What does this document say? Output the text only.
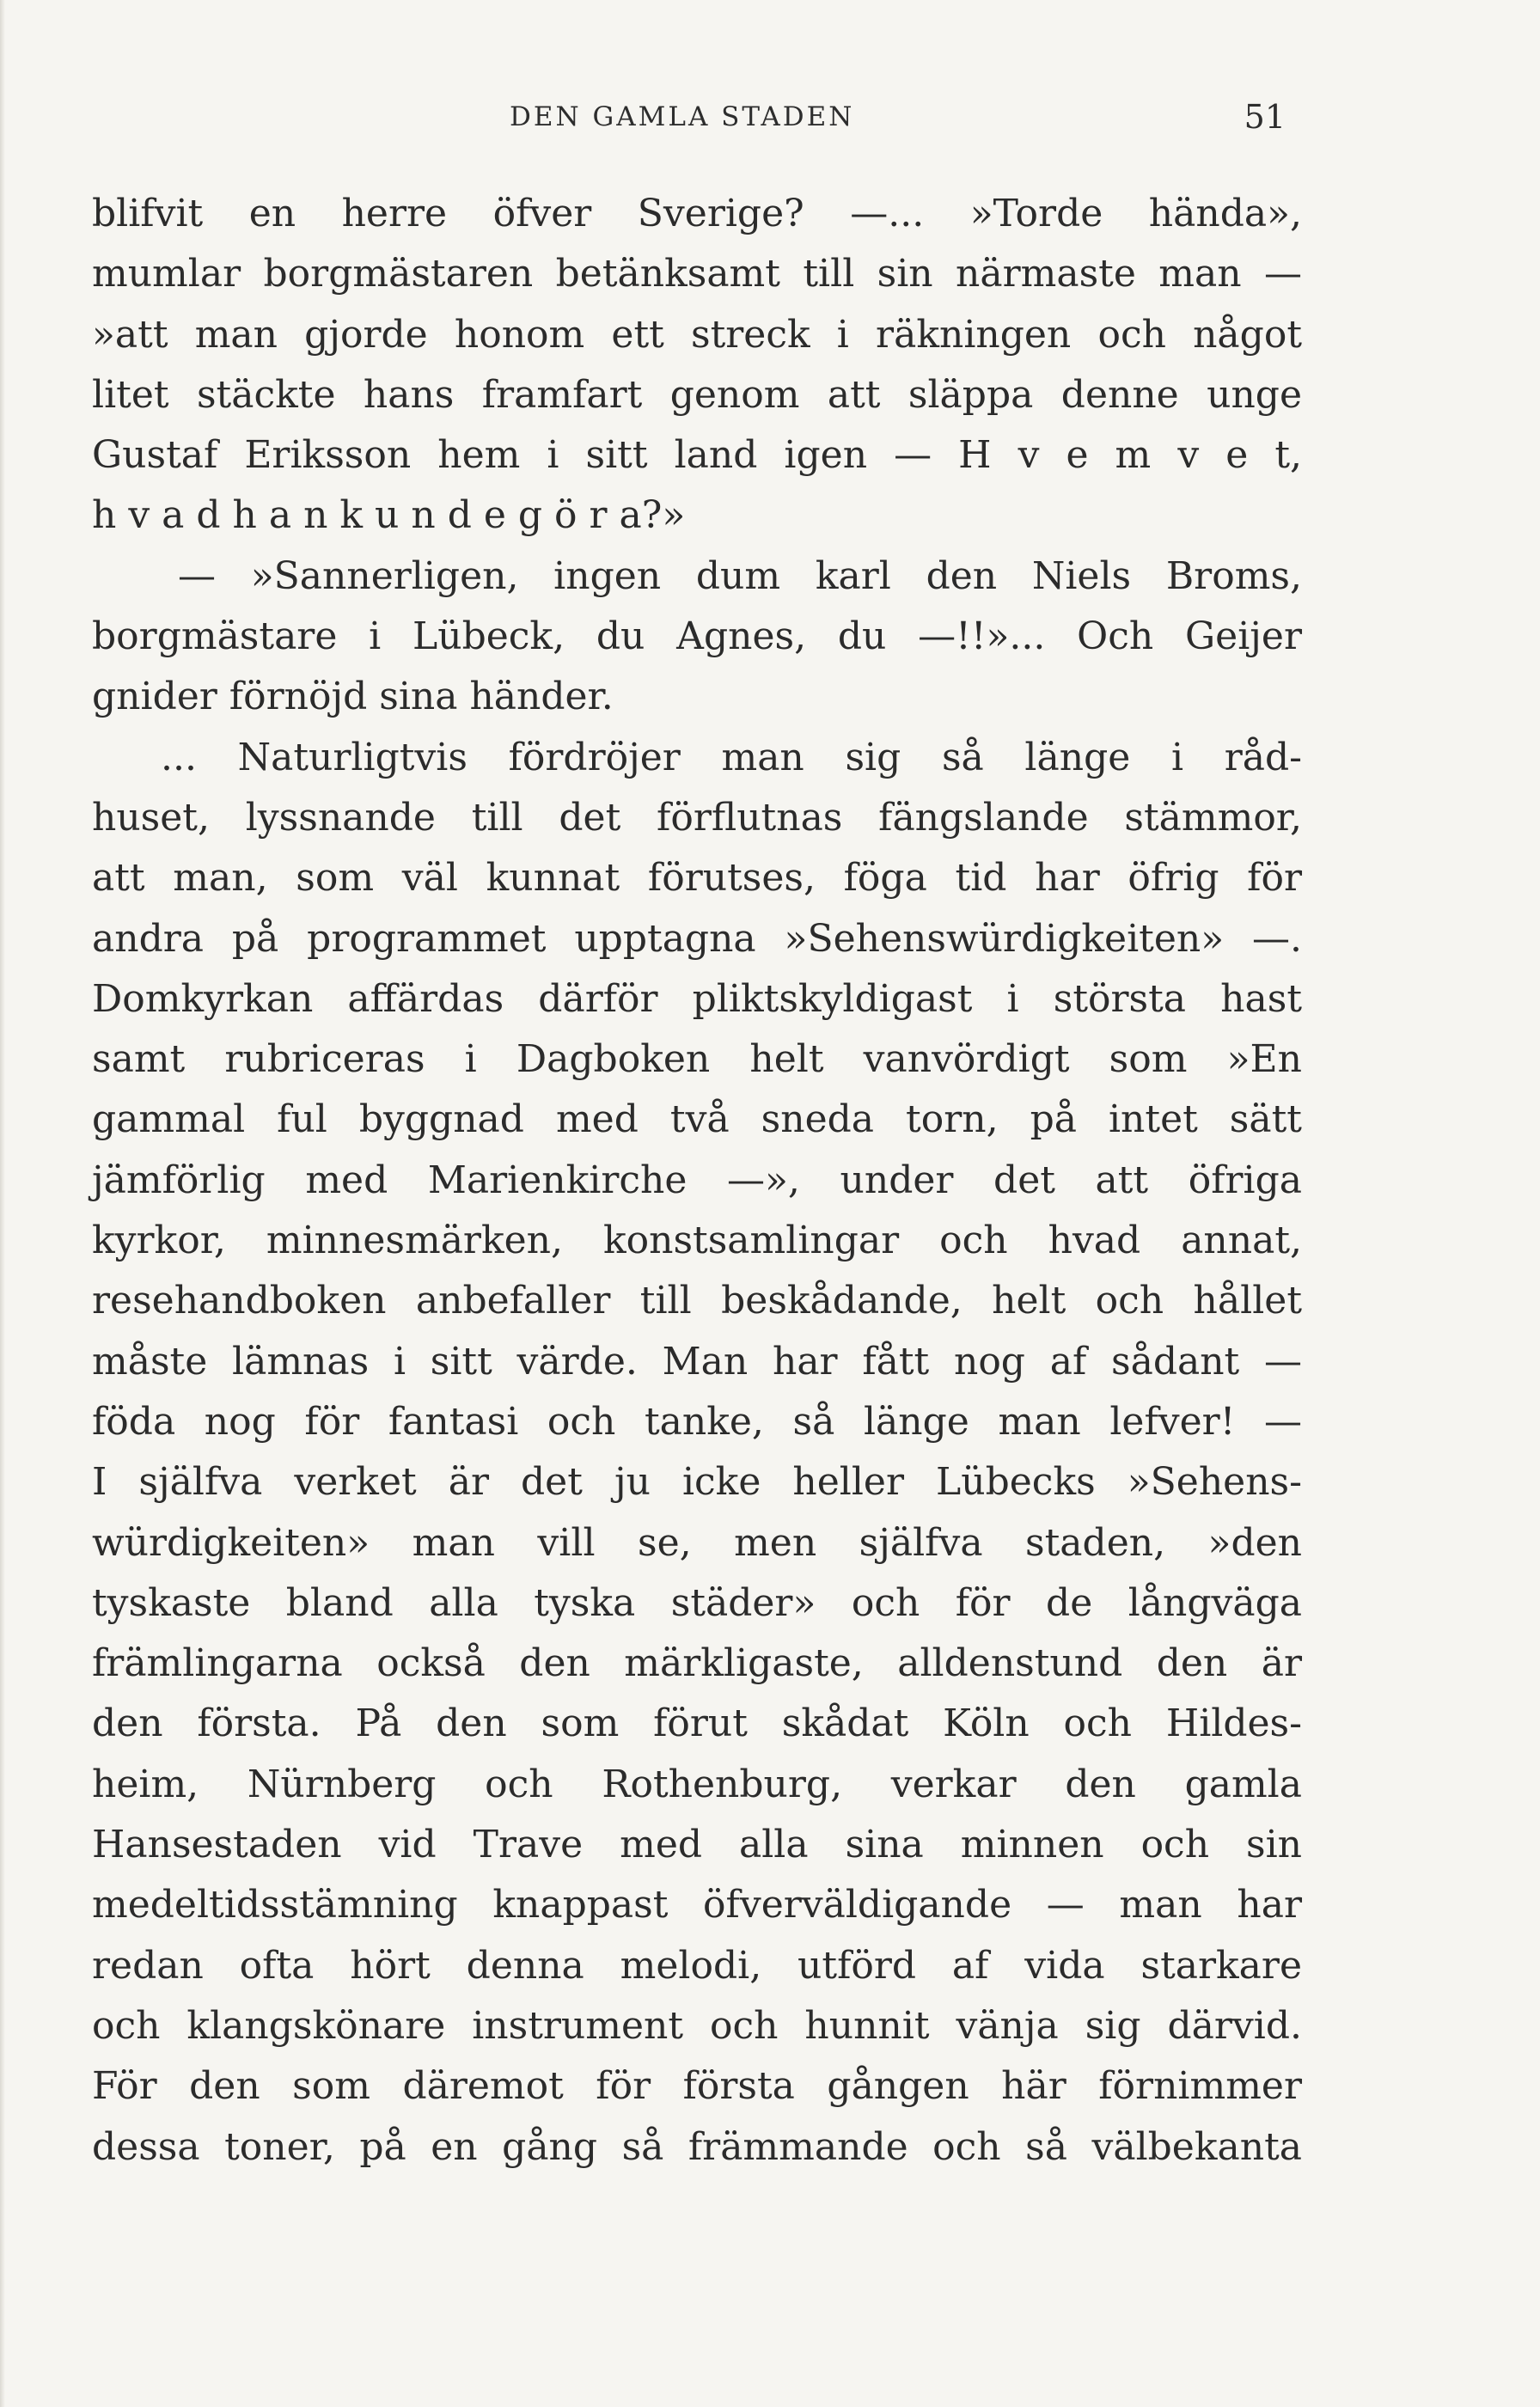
DEN GAMLA STADEN	51
blifvit en herre öfver Sverige? —... »Torde hända»,
mumlar borgmästaren betänksamt till sin närmaste man —
»att man gjorde honom ett streck i räkningen och något
litet stäckte hans framfart genom att släppa denne unge
Gustaf Eriksson hem i sitt land igen — H v e m v e t,
h v a d h a n k u n d e g ö r a?»
— »Sannerligen, ingen dum karl den Niels Broms,
borgmästare i Lübeck, du Agnes, du —!!»... Och Geijer
gnider förnöjd sina händer.
... Naturligtvis fördröjer man sig så länge i råd-
huset, lyssnande till det förflutnas fängslande stämmor,
att man, som väl kunnat förutses, föga tid har öfrig för
andra på programmet upptagna »Sehenswürdigkeiten» —.
Domkyrkan affärdas därför pliktskyldigast i största hast
samt rubriceras i Dagboken helt vanvördigt som »En
gammal ful byggnad med två sneda torn, på intet sätt
jämförlig med Marienkirche —», under det att öfriga
kyrkor, minnesmärken, konstsamlingar och hvad annat,
resehandboken anbefaller till beskådande, helt och hållet
måste lämnas i sitt värde. Man har fått nog af sådant —
föda nog för fantasi och tanke, så länge man lefver! —
I själfva verket är det ju icke heller Lübecks »Sehens-
würdigkeiten» man vill se, men själfva staden, »den
tyskaste bland alla tyska städer» och för de långväga
främlingarna också den märkligaste, alldenstund den är
den första. På den som förut skådat Köln och Hildes-
heim, Nürnberg och Rothenburg, verkar den gamla
Hansestaden vid Trave med alla sina minnen och sin
medeltidsstämning knappast öfverväldigande — man har
redan ofta hört denna melodi, utförd af vida starkare
och klangskönare instrument och hunnit vänja sig därvid.
För den som däremot för första gången här förnimmer
dessa toner, på en gång så främmande och så välbekanta
